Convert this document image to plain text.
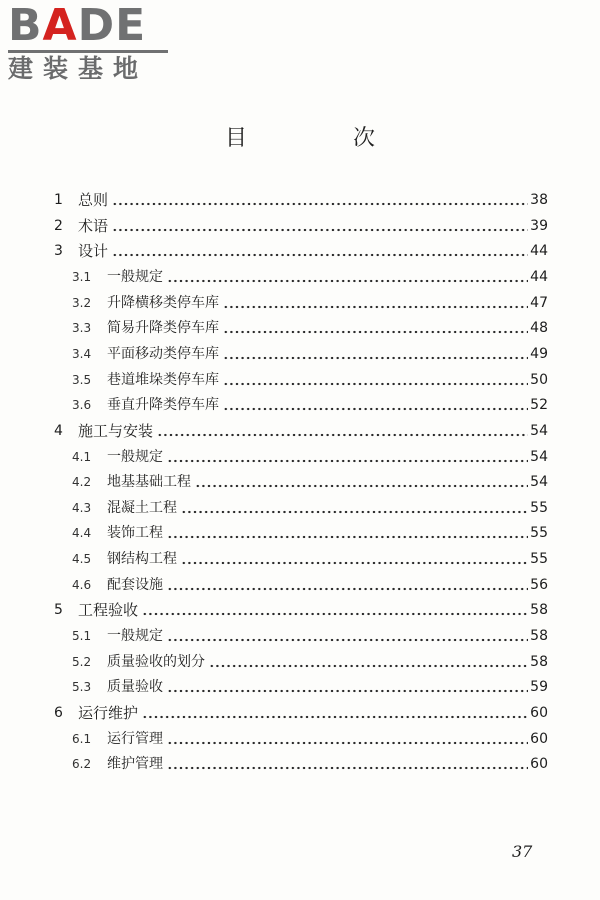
BADE
建装基地
目　次
1 总则	38
2 术语	39
3 设计	44
3.1 一般规定	44
3.2 升降横移类停车库	47
3.3 简易升降类停车库	48
3.4 平面移动类停车库	49
3.5 巷道堆垛类停车库	50
3.6 垂直升降类停车库	52
4 施工与安装	54
4.1 一般规定	54
4.2 地基基础工程	54
4.3 混凝土工程	55
4.4 装饰工程	55
4.5 钢结构工程	55
4.6 配套设施	56
5 工程验收	58
5.1 一般规定	58
5.2 质量验收的划分	58
5.3 质量验收	59
6 运行维护	60
6.1 运行管理	60
6.2 维护管理	60
37
